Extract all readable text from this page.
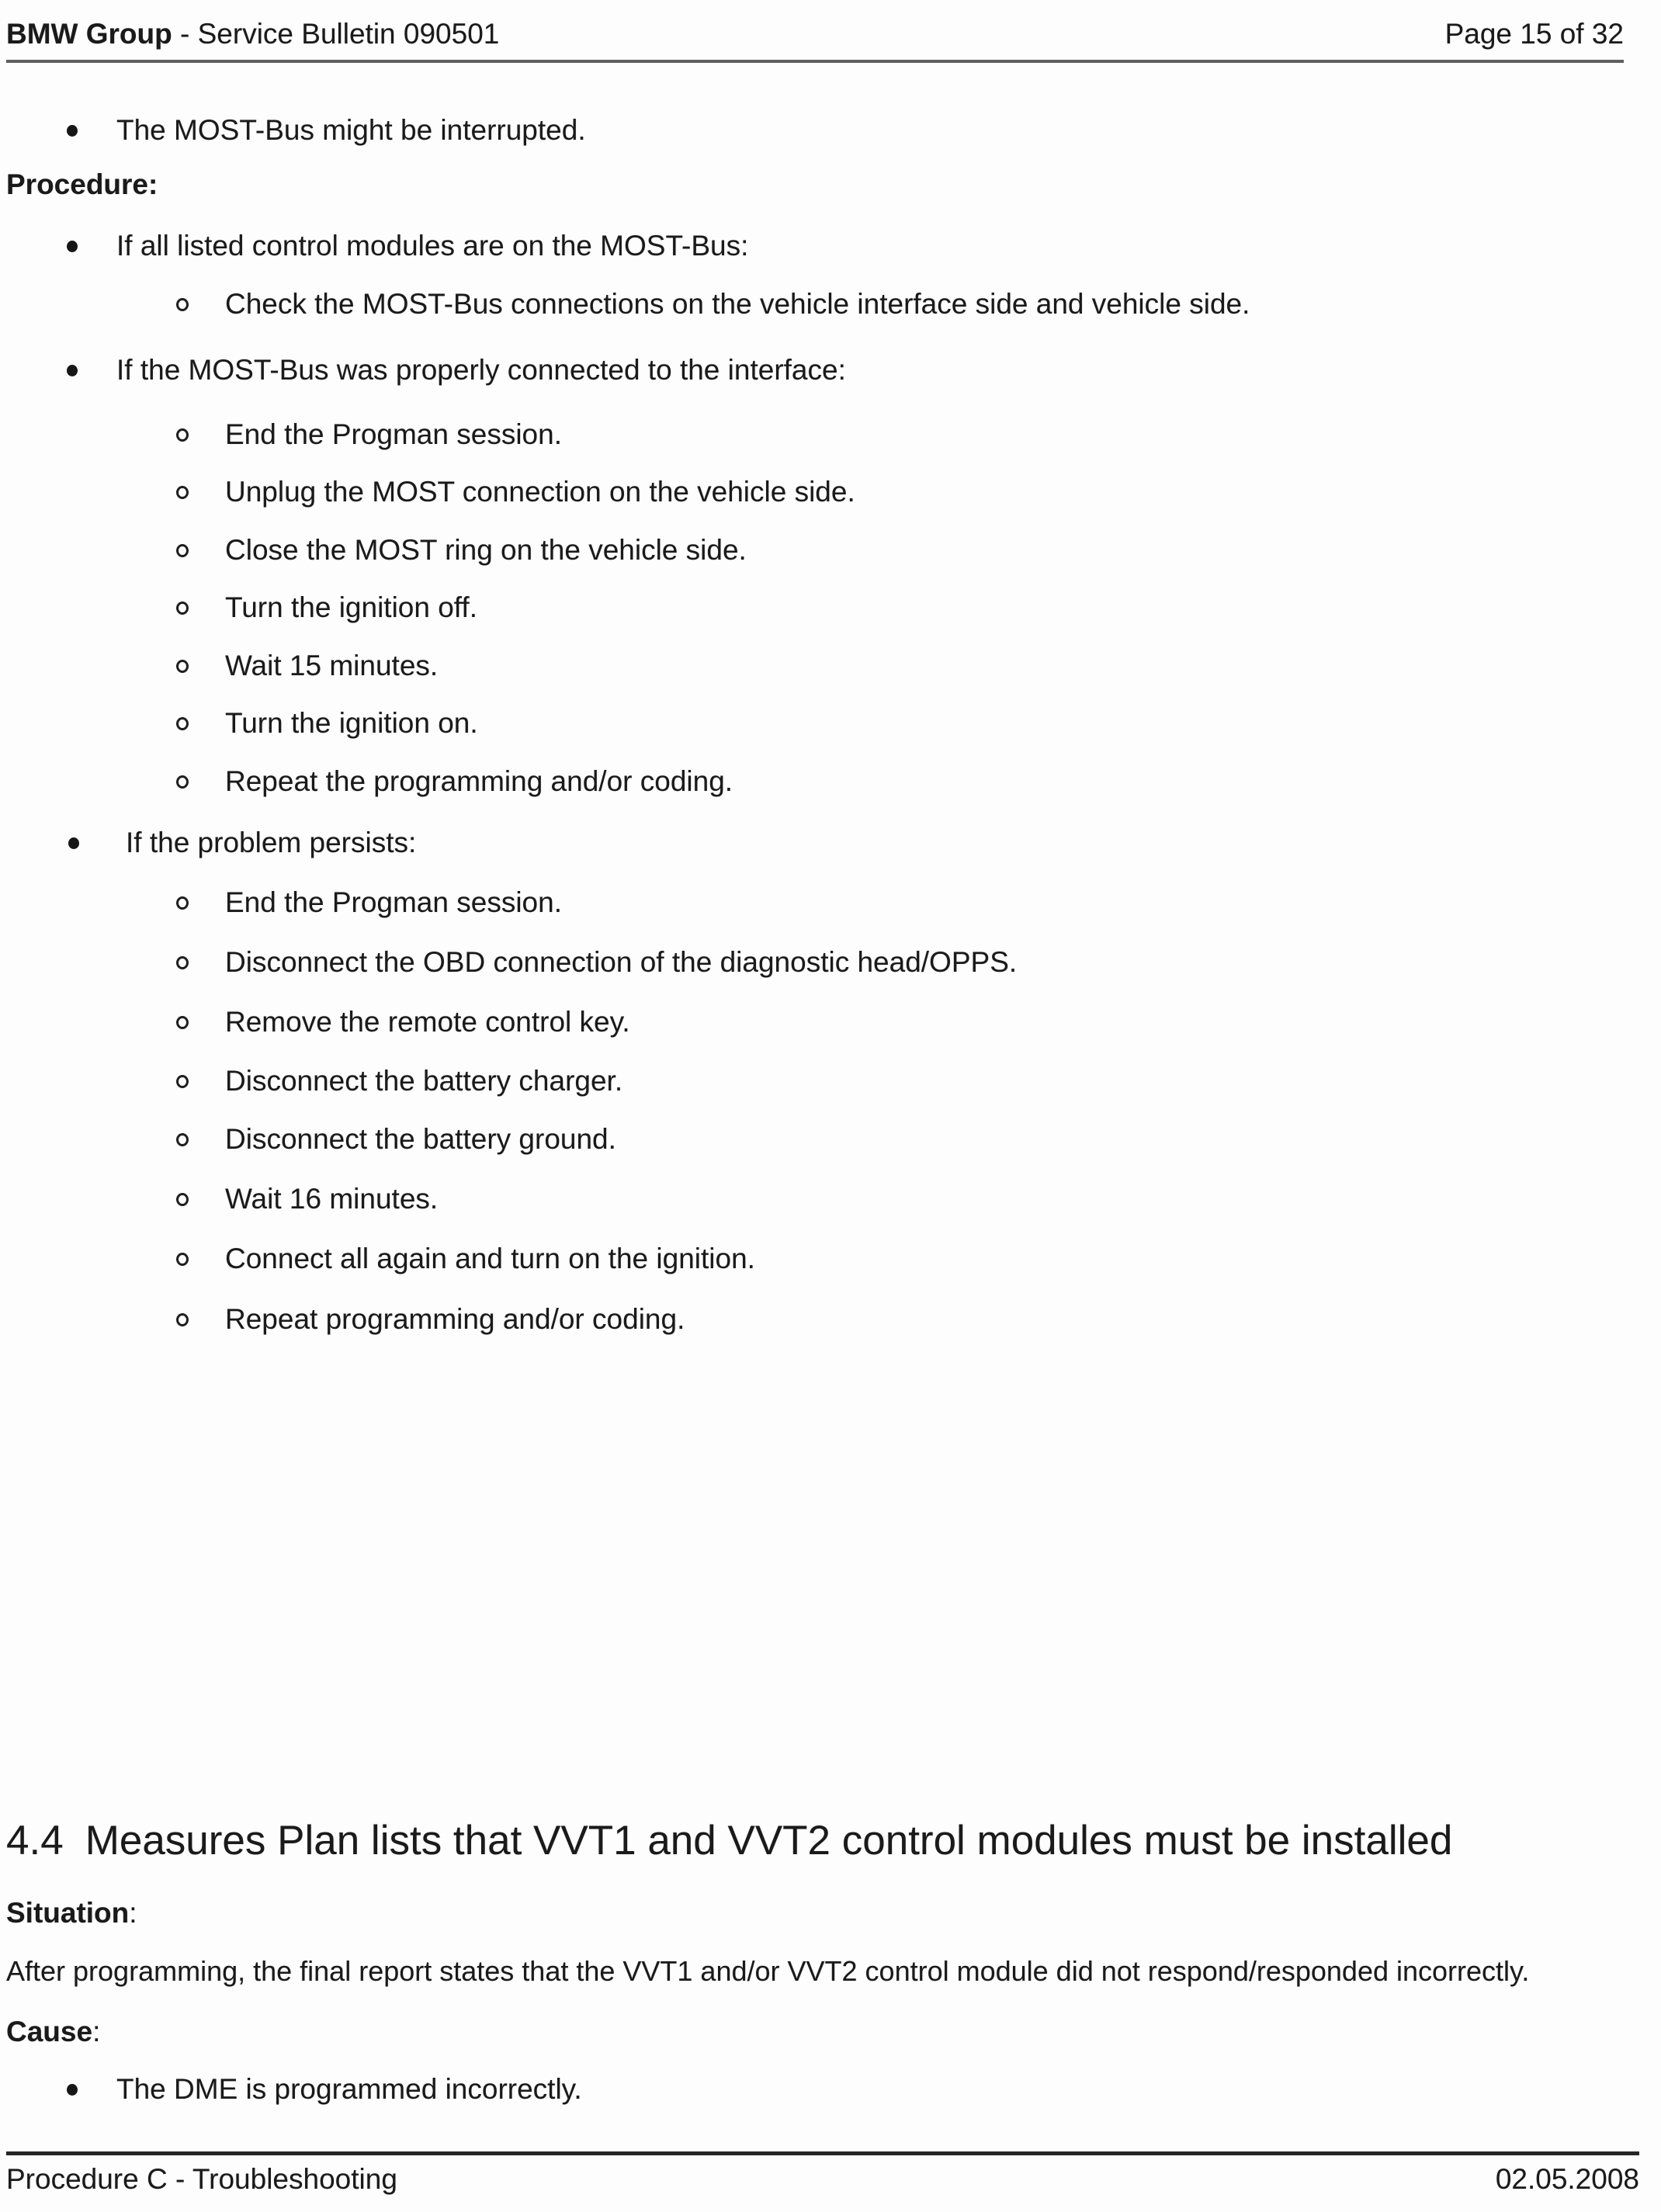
BMW Group - Service Bulletin 090501	Page 15 of 32
The MOST-Bus might be interrupted.
Procedure:
If all listed control modules are on the MOST-Bus:
Check the MOST-Bus connections on the vehicle interface side and vehicle side.
If the MOST-Bus was properly connected to the interface:
End the Progman session.
Unplug the MOST connection on the vehicle side.
Close the MOST ring on the vehicle side.
Turn the ignition off.
Wait 15 minutes.
Turn the ignition on.
Repeat the programming and/or coding.
If the problem persists:
End the Progman session.
Disconnect the OBD connection of the diagnostic head/OPPS.
Remove the remote control key.
Disconnect the battery charger.
Disconnect the battery ground.
Wait 16 minutes.
Connect all again and turn on the ignition.
Repeat programming and/or coding.
4.4 Measures Plan lists that VVT1 and VVT2 control modules must be installed
Situation:
After programming, the final report states that the VVT1 and/or VVT2 control module did not respond/responded incorrectly.
Cause:
The DME is programmed incorrectly.
Procedure C - Troubleshooting	02.05.2008
